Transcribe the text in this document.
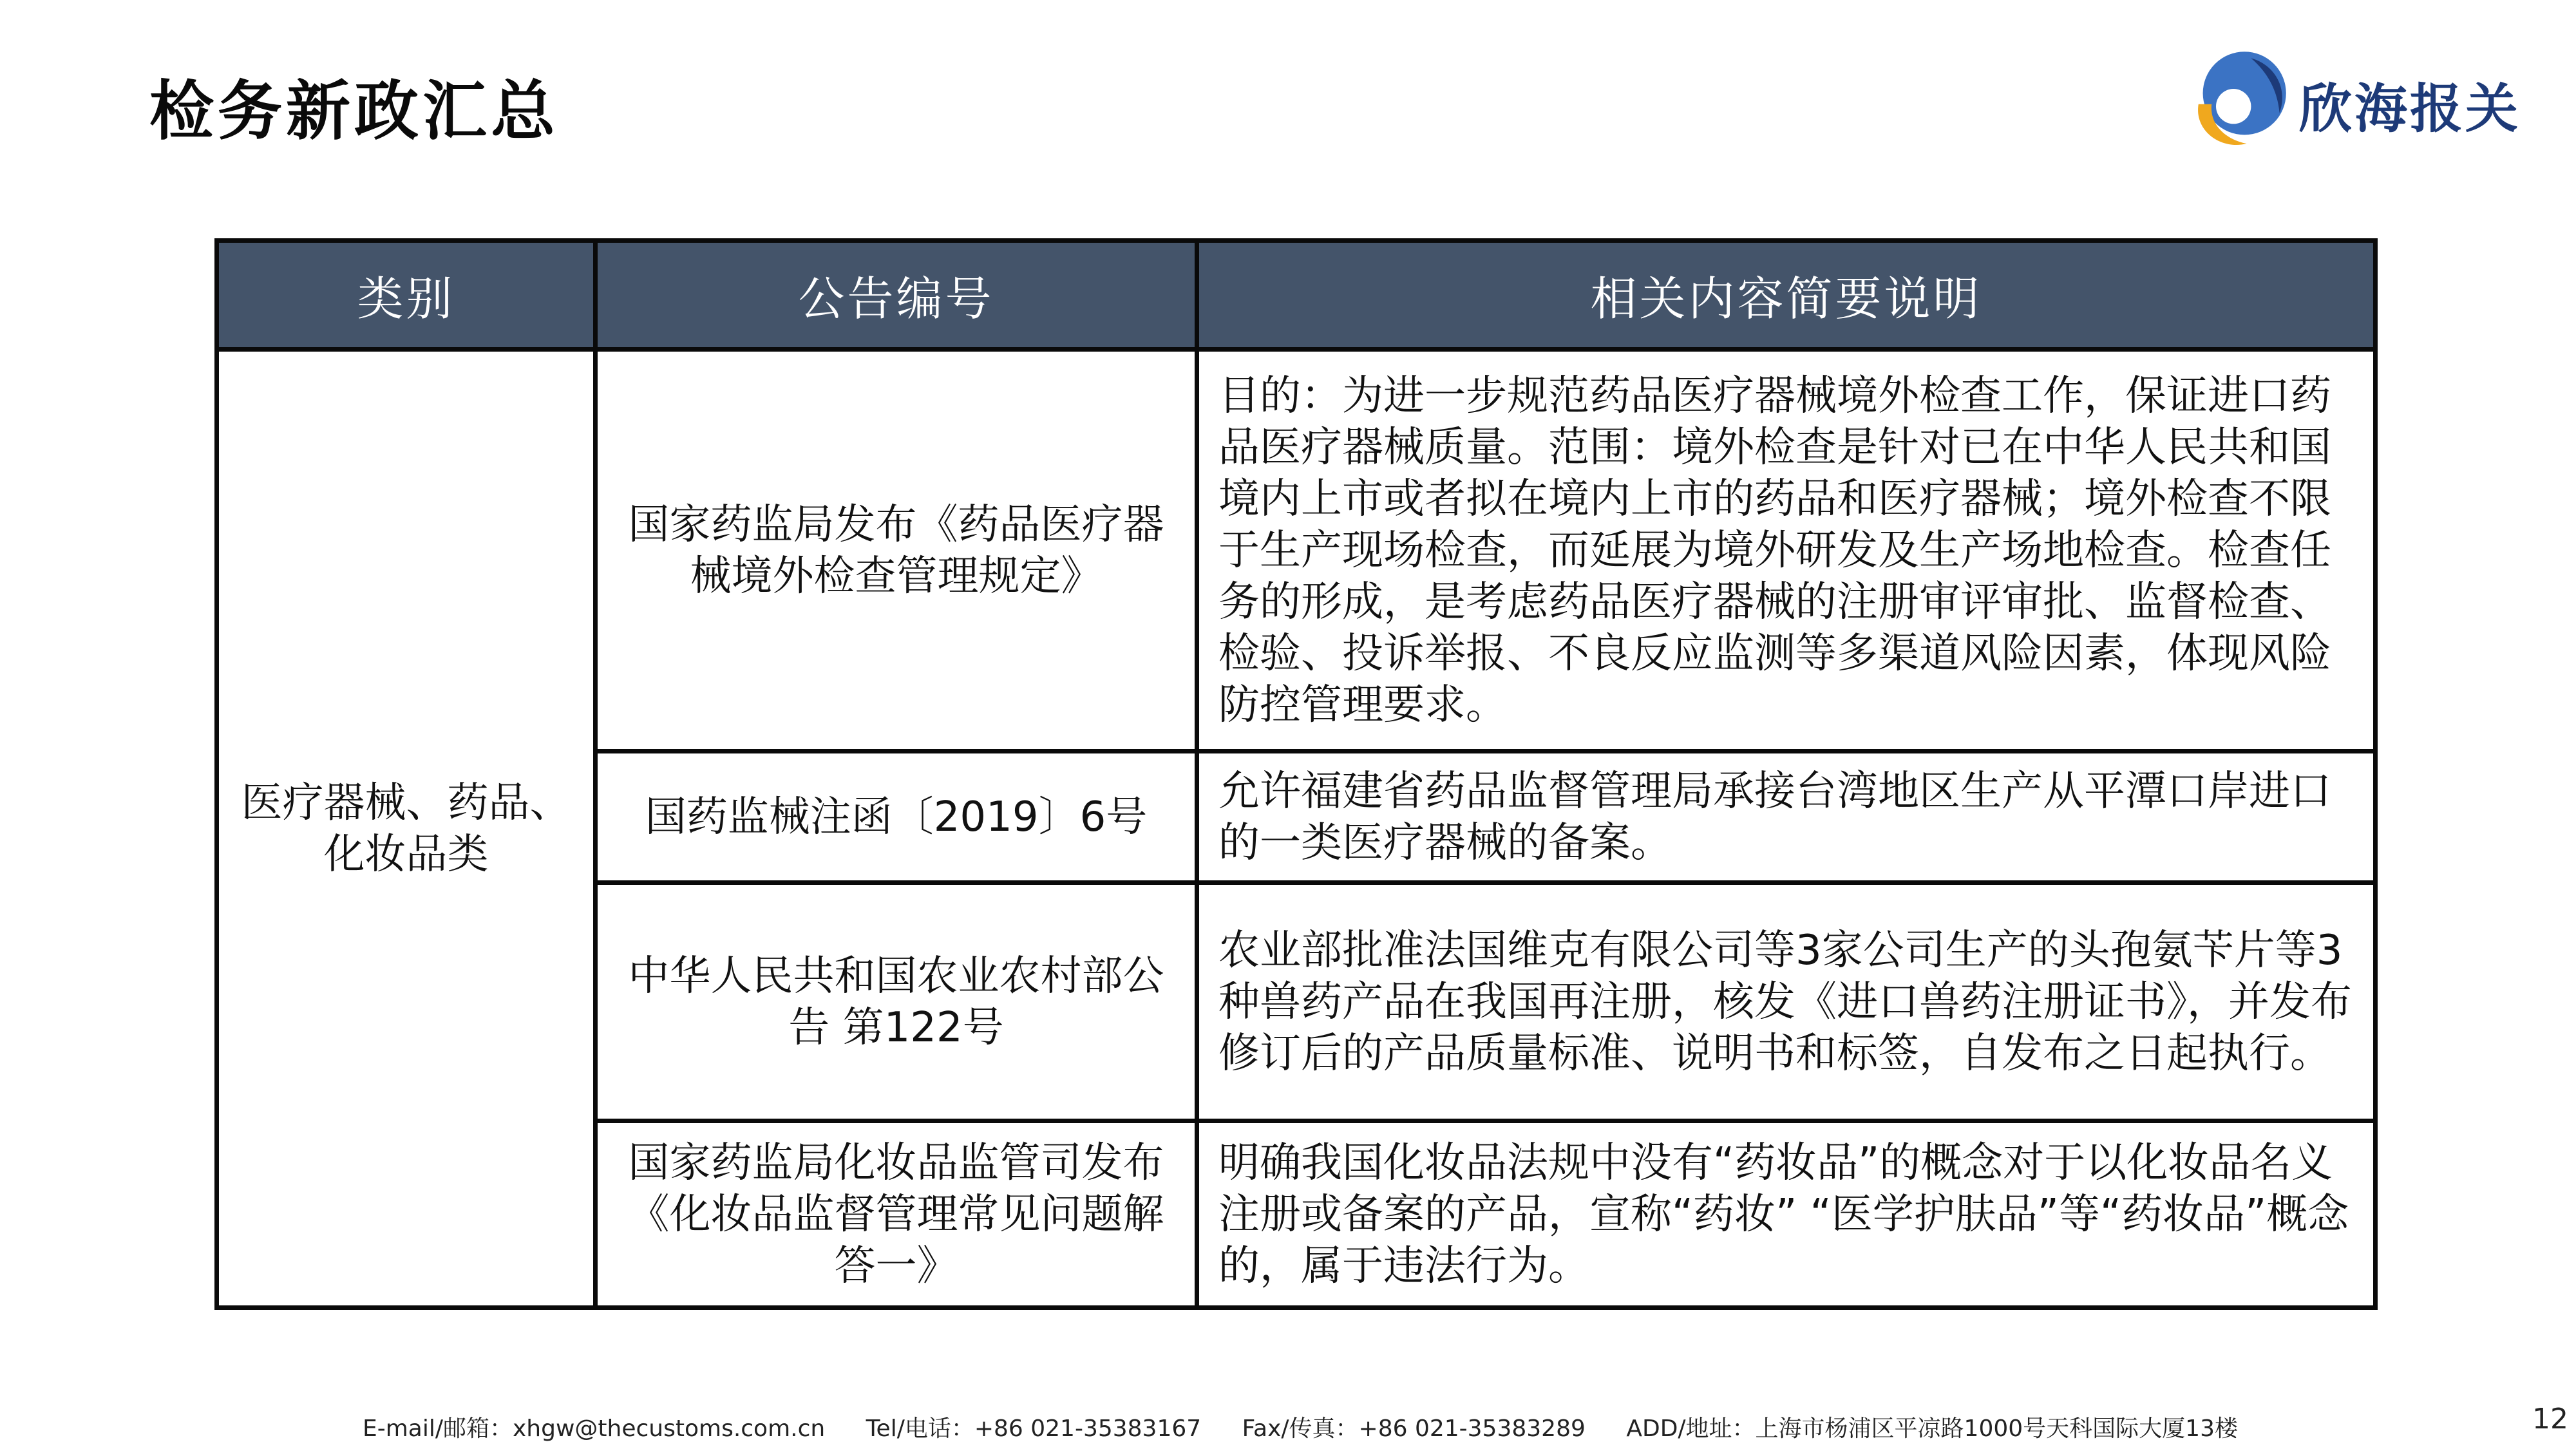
检务新政汇总	欣海报关
类别	公告编号	相关内容简要说明
医疗器械、药品、化妆品类	国家药监局发布《药品医疗器械境外检查管理规定》	目的：为进一步规范药品医疗器械境外检查工作，保证进口药品医疗器械质量。范围：境外检查是针对已在中华人民共和国境内上市或者拟在境内上市的药品和医疗器械；境外检查不限于生产现场检查，而延展为境外研发及生产场地检查。检查任务的形成，是考虑药品医疗器械的注册审评审批、监督检查、检验、投诉举报、不良反应监测等多渠道风险因素，体现风险防控管理要求。
	国药监械注函〔2019〕6号	允许福建省药品监督管理局承接台湾地区生产从平潭口岸进口的一类医疗器械的备案。
	中华人民共和国农业农村部公告 第122号	农业部批准法国维克有限公司等3家公司生产的头孢氨苄片等3种兽药产品在我国再注册，核发《进口兽药注册证书》，并发布修订后的产品质量标准、说明书和标签，自发布之日起执行。
	国家药监局化妆品监管司发布《化妆品监督管理常见问题解答一》	明确我国化妆品法规中没有“药妆品”的概念对于以化妆品名义注册或备案的产品，宣称“药妆” “医学护肤品”等“药妆品”概念的，属于违法行为。
E-mail/邮箱：xhgw@thecustoms.com.cn Tel/电话：+86 021-35383167 Fax/传真：+86 021-35383289 ADD/地址：上海市杨浦区平凉路1000号天科国际大厦13楼	12
